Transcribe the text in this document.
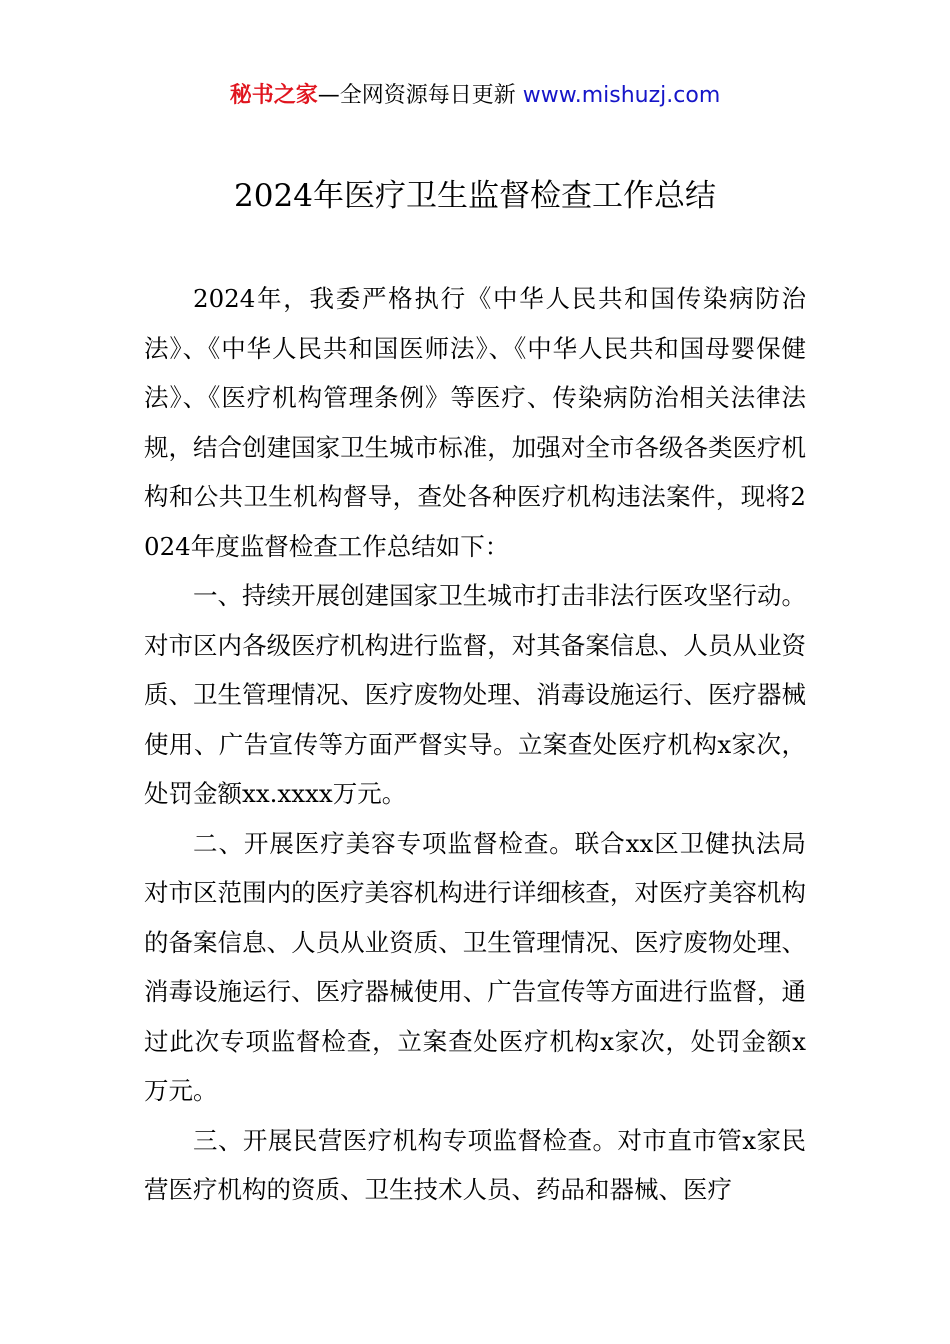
秘书之家—全网资源每日更新 www.mishuzj.com
2024年医疗卫生监督检查工作总结

2024年，我委严格执行《中华人民共和国传染病防治法》、《中华人民共和国医师法》、《中华人民共和国母婴保健法》、《医疗机构管理条例》等医疗、传染病防治相关法律法规，结合创建国家卫生城市标准，加强对全市各级各类医疗机构和公共卫生机构督导，查处各种医疗机构违法案件，现将2024年度监督检查工作总结如下：

一、持续开展创建国家卫生城市打击非法行医攻坚行动。对市区内各级医疗机构进行监督，对其备案信息、人员从业资质、卫生管理情况、医疗废物处理、消毒设施运行、医疗器械使用、广告宣传等方面严督实导。立案查处医疗机构x家次，处罚金额xx.xxxx万元。

二、开展医疗美容专项监督检查。联合xx区卫健执法局对市区范围内的医疗美容机构进行详细核查，对医疗美容机构的备案信息、人员从业资质、卫生管理情况、医疗废物处理、消毒设施运行、医疗器械使用、广告宣传等方面进行监督，通过此次专项监督检查，立案查处医疗机构x家次，处罚金额x万元。

三、开展民营医疗机构专项监督检查。对市直市管x家民营医疗机构的资质、卫生技术人员、药品和器械、医疗
